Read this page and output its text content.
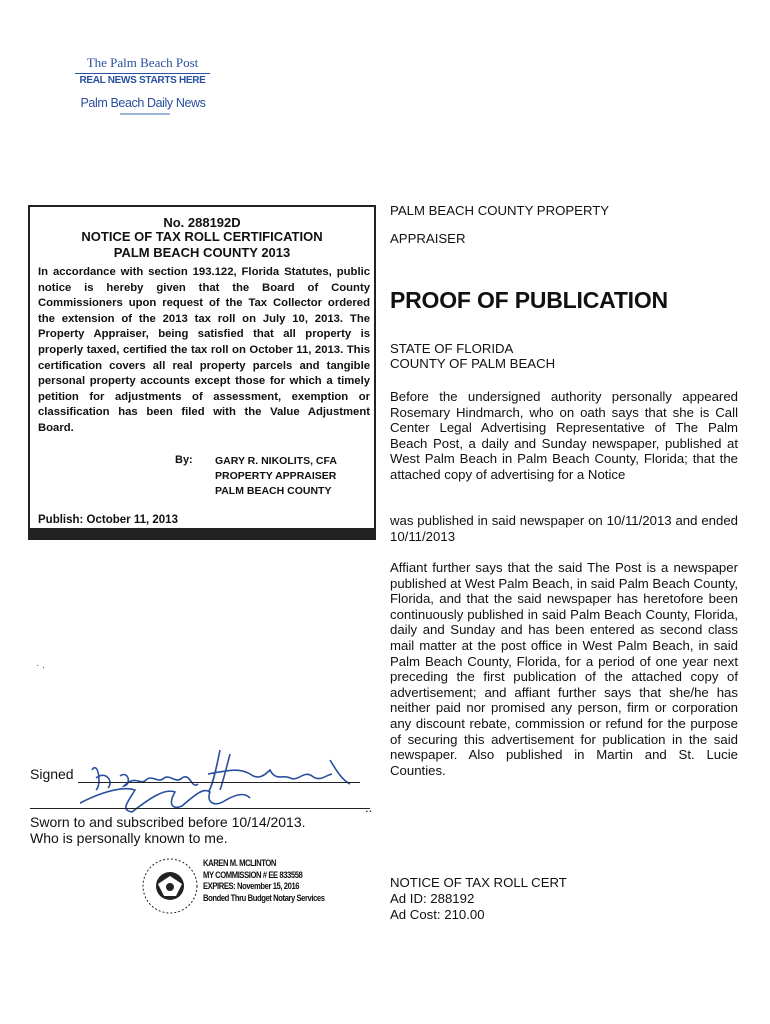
The Palm Beach Post
REAL NEWS STARTS HERE
Palm Beach Daily News
No. 288192D
NOTICE OF TAX ROLL CERTIFICATION
PALM BEACH COUNTY 2013
In accordance with section 193.122, Florida Statutes, public notice is hereby given that the Board of County Commissioners upon request of the Tax Collector ordered the extension of the 2013 tax roll on July 10, 2013. The Property Appraiser, being satisfied that all property is properly taxed, certified the tax roll on October 11, 2013. This certification covers all real property parcels and tangible personal property accounts except those for which a timely petition for adjustments of assessment, exemption or classification has been filed with the Value Adjustment Board.
By: GARY R. NIKOLITS, CFA
PROPERTY APPRAISER
PALM BEACH COUNTY
Publish: October 11, 2013
PALM BEACH COUNTY PROPERTY
APPRAISER
PROOF OF PUBLICATION
STATE OF FLORIDA
COUNTY OF PALM BEACH
Before the undersigned authority personally appeared Rosemary Hindmarch, who on oath says that she is Call Center Legal Advertising Representative of The Palm Beach Post, a daily and Sunday newspaper, published at West Palm Beach in Palm Beach County, Florida; that the attached copy of advertising for a Notice
was published in said newspaper on 10/11/2013 and ended 10/11/2013
Affiant further says that the said The Post is a newspaper published at West Palm Beach, in said Palm Beach County, Florida, and that the said newspaper has heretofore been continuously published in said Palm Beach County, Florida, daily and Sunday and has been entered as second class mail matter at the post office in West Palm Beach, in said Palm Beach County, Florida, for a period of one year next preceding the first publication of the attached copy of advertisement; and affiant further says that she/he has neither paid nor promised any person, firm or corporation any discount rebate, commission or refund for the purpose of securing this advertisement for publication in the said newspaper. Also published in Martin and St. Lucie Counties.
· .
Signed
..
Sworn to and subscribed before 10/14/2013.
Who is personally known to me.
KAREN M. MCLINTON
MY COMMISSION # EE 833558
EXPIRES: November 15, 2016
Bonded Thru Budget Notary Services
NOTICE OF TAX ROLL CERT
Ad ID: 288192
Ad Cost: 210.00
